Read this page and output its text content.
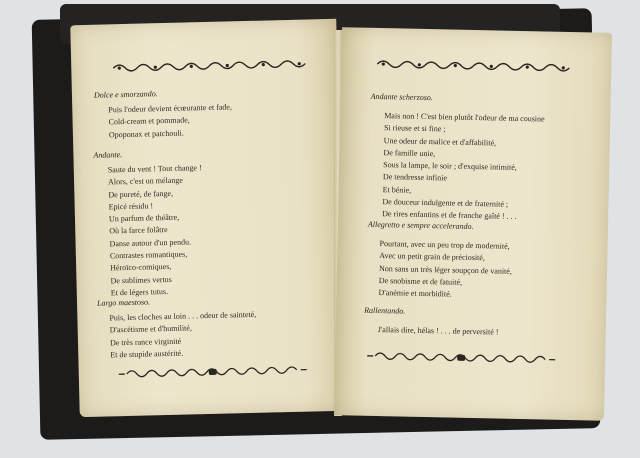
Dolce e smorzando.
Puis l'odeur devient écœurante et fade,
Cold-cream et pommade,
Opoponax et patchouli.
Andante.
Saute du vent ! Tout change !
Alors, c'est un mélange
De pureté, de fange,
Epicé résidu !
Un parfum de théâtre,
Où la farce folâtre
Danse autour d'un pendu.
Contrastes romantiques,
Héroïco-comiques,
De sublimes vertus
Et de légers tutus.
Largo maestoso.
Puis, les cloches au loin . . . odeur de sainteté,
D'ascétisme et d'humilité,
De très rance virginité
Et de stupide austérité.
Andante scherzoso.
Mais non ! C'est bien plutôt l'odeur de ma cousine
Si rieuse et si fine ;
Une odeur de malice et d'affabilité,
De famille unie,
Sous la lampe, le soir ; d'exquise intimité,
De tendresse infinie
Et bénie,
De douceur indulgente et de fraternité ;
De rires enfantins et de franche gaîté ! . . .
Allegretto e sempre accelerando.
Pourtant, avec un peu trop de modernité,
Avec un petit grain de préciosité,
Non sans un très léger soupçon de vanité,
De snobisme et de fatuité,
D'anémie et morbidité.
Rallentando.
J'allais dire, hélas ! . . . de perversité !
